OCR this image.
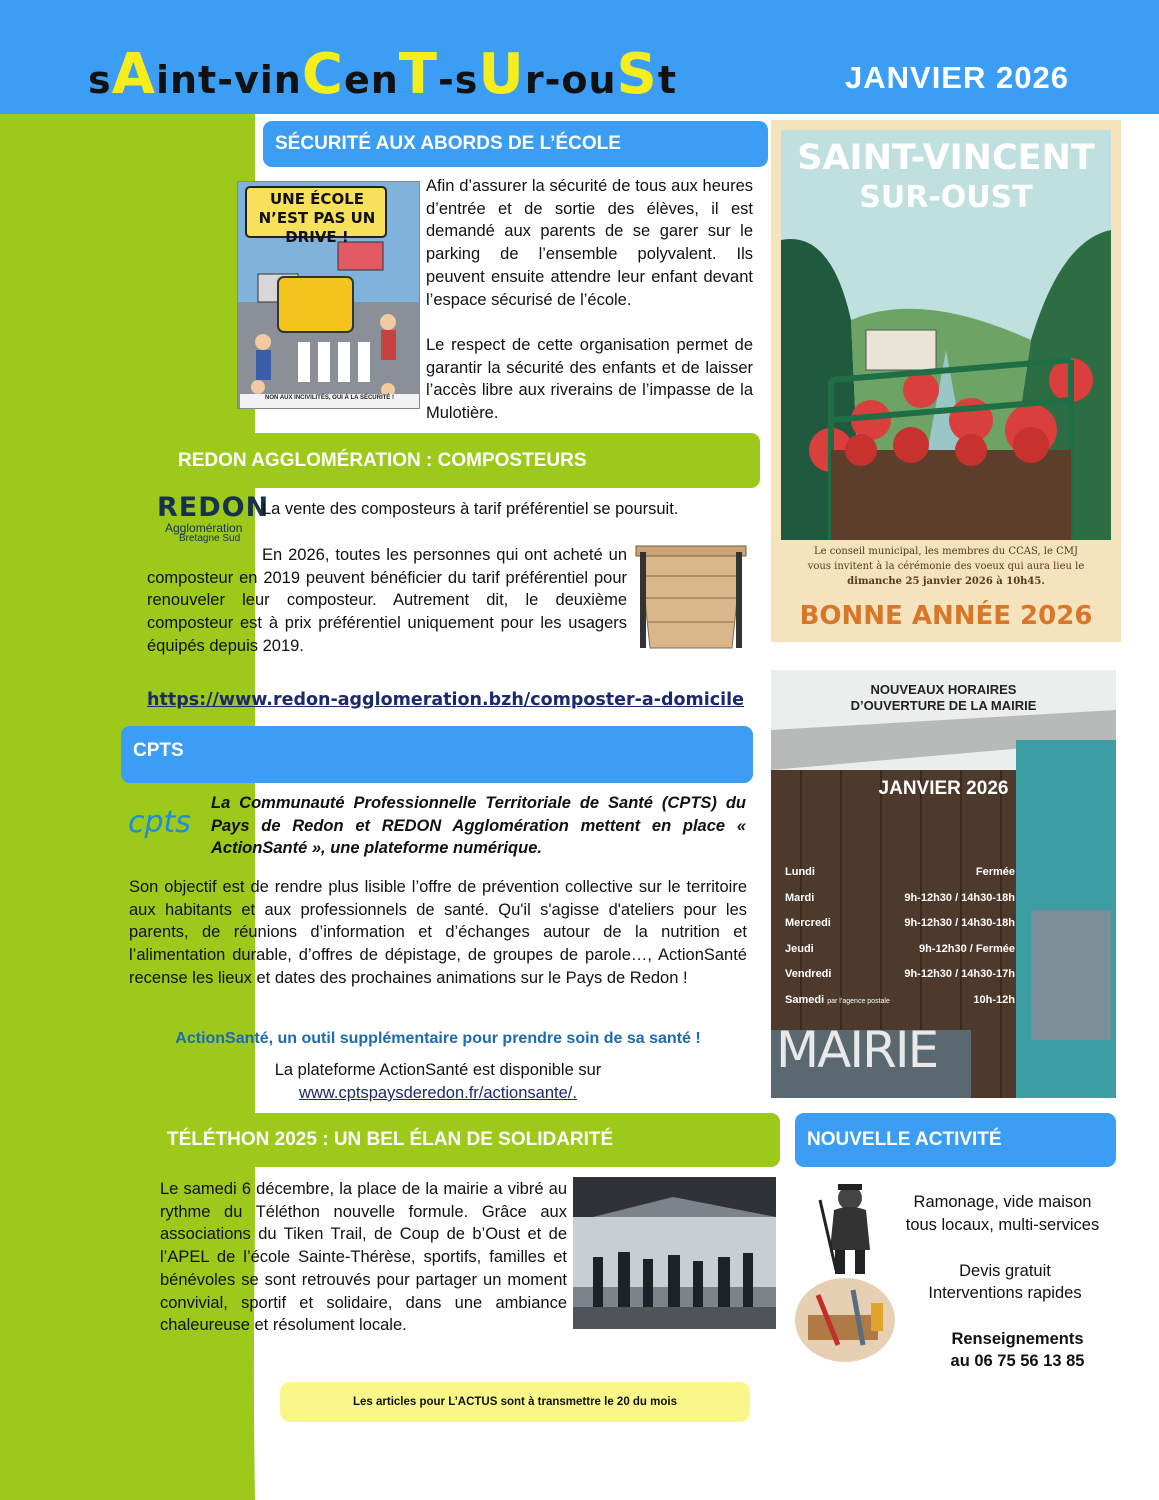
sAint-vinCenT-sUr-ouSt	JANVIER 2026
SÉCURITÉ AUX ABORDS DE L’ÉCOLE
UNE ÉCOLE N’EST PAS UN DRIVE !
NON AUX INCIVILITÉS, OUI À LA SÉCURITÉ !
Afin d’assurer la sécurité de tous aux heures d’entrée et de sortie des élèves, il est demandé aux parents de se garer sur le parking de l’ensemble polyvalent. Ils peuvent ensuite attendre leur enfant devant l’espace sécurisé de l’école.
Le respect de cette organisation permet de garantir la sécurité des enfants et de laisser l’accès libre aux riverains de l’impasse de la Mulotière.
REDON AGGLOMÉRATION : COMPOSTEURS
REDON
Agglomération
Bretagne Sud
La vente des composteurs à tarif préférentiel se poursuit.
En 2026, toutes les personnes qui ont acheté un composteur en 2019 peuvent bénéficier du tarif préférentiel pour renouveler leur composteur. Autrement dit, le deuxième composteur est à prix préférentiel uniquement pour les usagers équipés depuis 2019.
https://www.redon-agglomeration.bzh/composter-a-domicile
CPTS
cpts
La Communauté Professionnelle Territoriale de Santé (CPTS) du Pays de Redon et REDON Agglomération mettent en place « ActionSanté », une plateforme numérique.
Son objectif est de rendre plus lisible l’offre de prévention collective sur le territoire aux habitants et aux professionnels de santé. Qu'il s'agisse d'ateliers pour les parents, de réunions d’information et d’échanges autour de la nutrition et l’alimentation durable, d’offres de dépistage, de groupes de parole…, ActionSanté recense les lieux et dates des prochaines animations sur le Pays de Redon !
ActionSanté, un outil supplémentaire pour prendre soin de sa santé !
La plateforme ActionSanté est disponible sur
www.cptspaysderedon.fr/actionsante/.
SAINT-VINCENT
SUR-OUST
Le conseil municipal, les membres du CCAS, le CMJ
vous invitent à la cérémonie des voeux qui aura lieu le
dimanche 25 janvier 2026 à 10h45.
BONNE ANNÉE 2026
NOUVEAUX HORAIRES
D’OUVERTURE DE LA MAIRIE
JANVIER 2026
Lundi	Fermée
Mardi	9h-12h30 / 14h30-18h
Mercredi	9h-12h30 / 14h30-18h
Jeudi	9h-12h30 / Fermée
Vendredi	9h-12h30 / 14h30-17h
Samedi par l’agence postale	10h-12h
MAIRIE
TÉLÉTHON 2025 : UN BEL ÉLAN DE SOLIDARITÉ
Le samedi 6 décembre, la place de la mairie a vibré au rythme du Téléthon nouvelle formule. Grâce aux associations du Tiken Trail, de Coup de b’Oust et de l’APEL de l’école Sainte-Thérèse, sportifs, familles et bénévoles se sont retrouvés pour partager un moment convivial, sportif et solidaire, dans une ambiance chaleureuse et résolument locale.
NOUVELLE ACTIVITÉ
Ramonage, vide maison
tous locaux, multi-services
Devis gratuit
Interventions rapides
Renseignements
au 06 75 56 13 85
Les articles pour L’ACTUS sont à transmettre le 20 du mois
